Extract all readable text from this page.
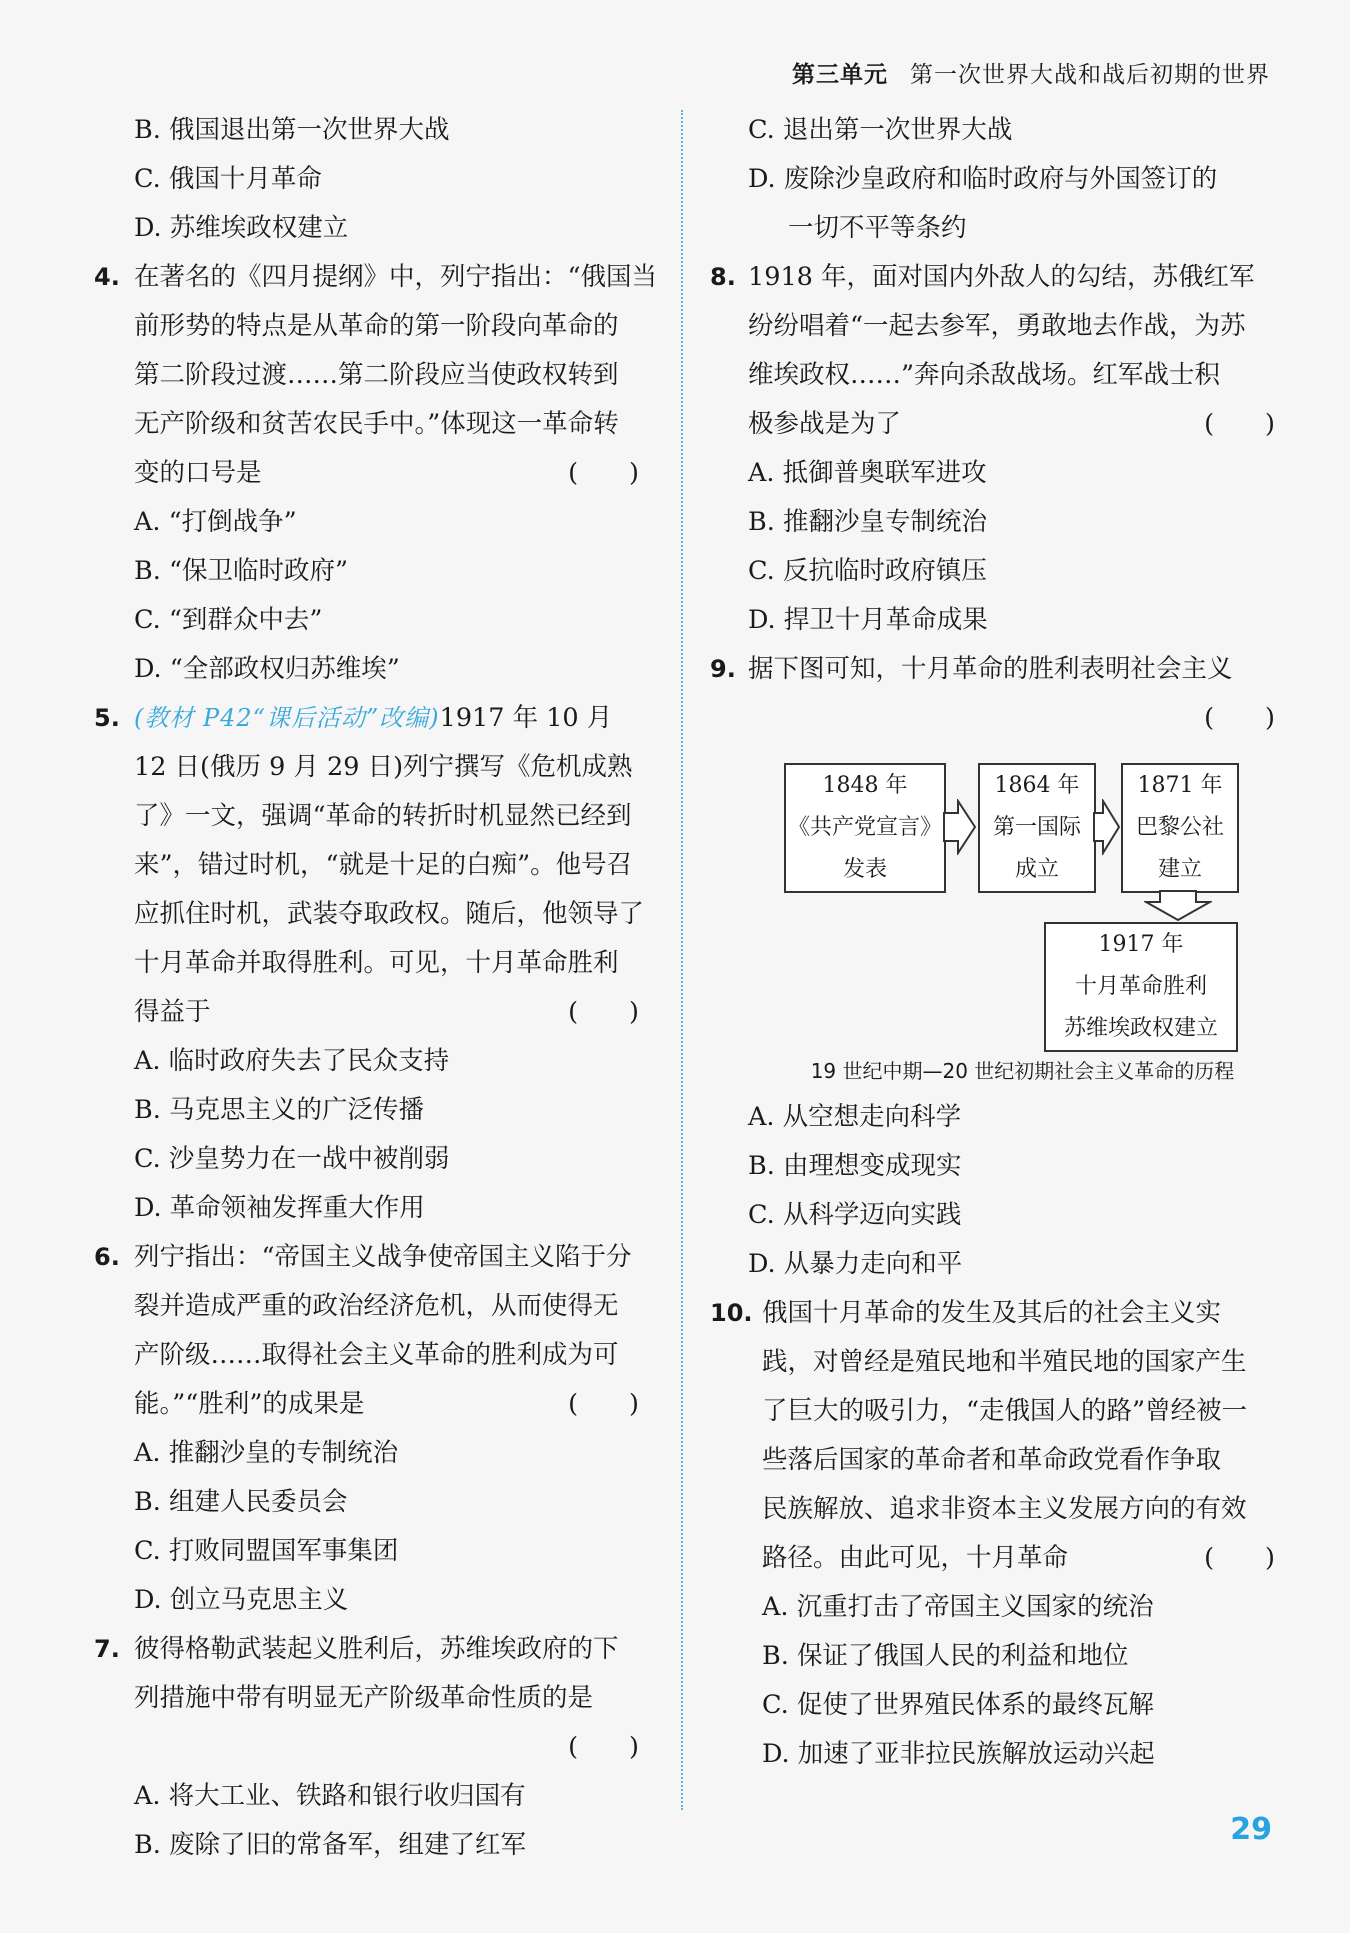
第三单元 第一次世界大战和战后初期的世界
B. 俄国退出第一次世界大战
C. 俄国十月革命
D. 苏维埃政权建立
4. 在著名的《四月提纲》中，列宁指出：“俄国当
前形势的特点是从革命的第一阶段向革命的
第二阶段过渡……第二阶段应当使政权转到
无产阶级和贫苦农民手中。”体现这一革命转
变的口号是	(　　)
A. “打倒战争”
B. “保卫临时政府”
C. “到群众中去”
D. “全部政权归苏维埃”
5. (教材 P42“课后活动”改编)1917 年 10 月
12 日(俄历 9 月 29 日)列宁撰写《危机成熟
了》一文，强调“革命的转折时机显然已经到
来”，错过时机，“就是十足的白痴”。他号召
应抓住时机，武装夺取政权。随后，他领导了
十月革命并取得胜利。可见，十月革命胜利
得益于	(　　)
A. 临时政府失去了民众支持
B. 马克思主义的广泛传播
C. 沙皇势力在一战中被削弱
D. 革命领袖发挥重大作用
6. 列宁指出：“帝国主义战争使帝国主义陷于分
裂并造成严重的政治经济危机，从而使得无
产阶级……取得社会主义革命的胜利成为可
能。”“胜利”的成果是	(　　)
A. 推翻沙皇的专制统治
B. 组建人民委员会
C. 打败同盟国军事集团
D. 创立马克思主义
7. 彼得格勒武装起义胜利后，苏维埃政府的下
列措施中带有明显无产阶级革命性质的是
(　　)
A. 将大工业、铁路和银行收归国有
B. 废除了旧的常备军，组建了红军
C. 退出第一次世界大战
D. 废除沙皇政府和临时政府与外国签订的
一切不平等条约
8. 1918 年，面对国内外敌人的勾结，苏俄红军
纷纷唱着“一起去参军，勇敢地去作战，为苏
维埃政权……”奔向杀敌战场。红军战士积
极参战是为了	(　　)
A. 抵御普奥联军进攻
B. 推翻沙皇专制统治
C. 反抗临时政府镇压
D. 捍卫十月革命成果
9. 据下图可知，十月革命的胜利表明社会主义
(　　)
1848 年
《共产党宣言》
发表
1864 年
第一国际
成立
1871 年
巴黎公社
建立
1917 年
十月革命胜利
苏维埃政权建立
19 世纪中期—20 世纪初期社会主义革命的历程
A. 从空想走向科学
B. 由理想变成现实
C. 从科学迈向实践
D. 从暴力走向和平
10. 俄国十月革命的发生及其后的社会主义实
践，对曾经是殖民地和半殖民地的国家产生
了巨大的吸引力，“走俄国人的路”曾经被一
些落后国家的革命者和革命政党看作争取
民族解放、追求非资本主义发展方向的有效
路径。由此可见，十月革命	(　　)
A. 沉重打击了帝国主义国家的统治
B. 保证了俄国人民的利益和地位
C. 促使了世界殖民体系的最终瓦解
D. 加速了亚非拉民族解放运动兴起
29
